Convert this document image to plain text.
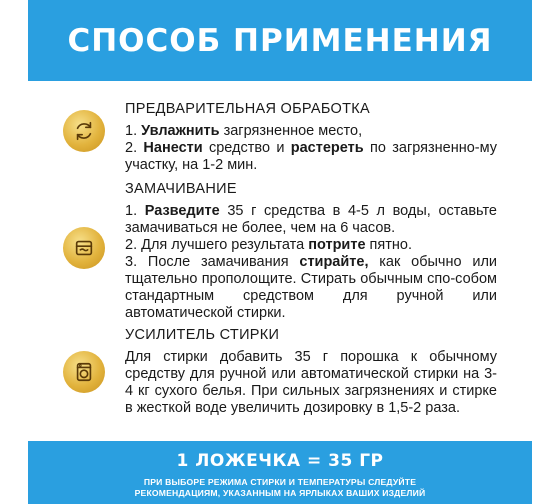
СПОСОБ ПРИМЕНЕНИЯ
ПРЕДВАРИТЕЛЬНАЯ ОБРАБОТКА

1. Увлажнить загрязненное место,

2. Нанести средство и растереть по загрязненно-му участку, на 1-2 мин.

ЗАМАЧИВАНИЕ

1. Разведите 35 г средства в 4-5 л воды, оставьте замачиваться не более, чем на 6 часов.

2. Для лучшего результата потрите пятно.

3. После замачивания стирайте, как обычно или тщательно прополощите. Стирать обычным спо-собом стандартным средством для ручной или автоматической стирки.

УСИЛИТЕЛЬ СТИРКИ

Для стирки добавить 35 г порошка к обычному средству для ручной или автоматической стирки на 3-4 кг сухого белья. При сильных загрязнениях и стирке в жесткой воде увеличить дозировку в 1,5-2 раза.

1 ЛОЖЕЧКА = 35 ГР
ПРИ ВЫБОРЕ РЕЖИМА СТИРКИ И ТЕМПЕРАТУРЫ СЛЕДУЙТЕ
РЕКОМЕНДАЦИЯМ, УКАЗАННЫМ НА ЯРЛЫКАХ ВАШИХ ИЗДЕЛИЙ
